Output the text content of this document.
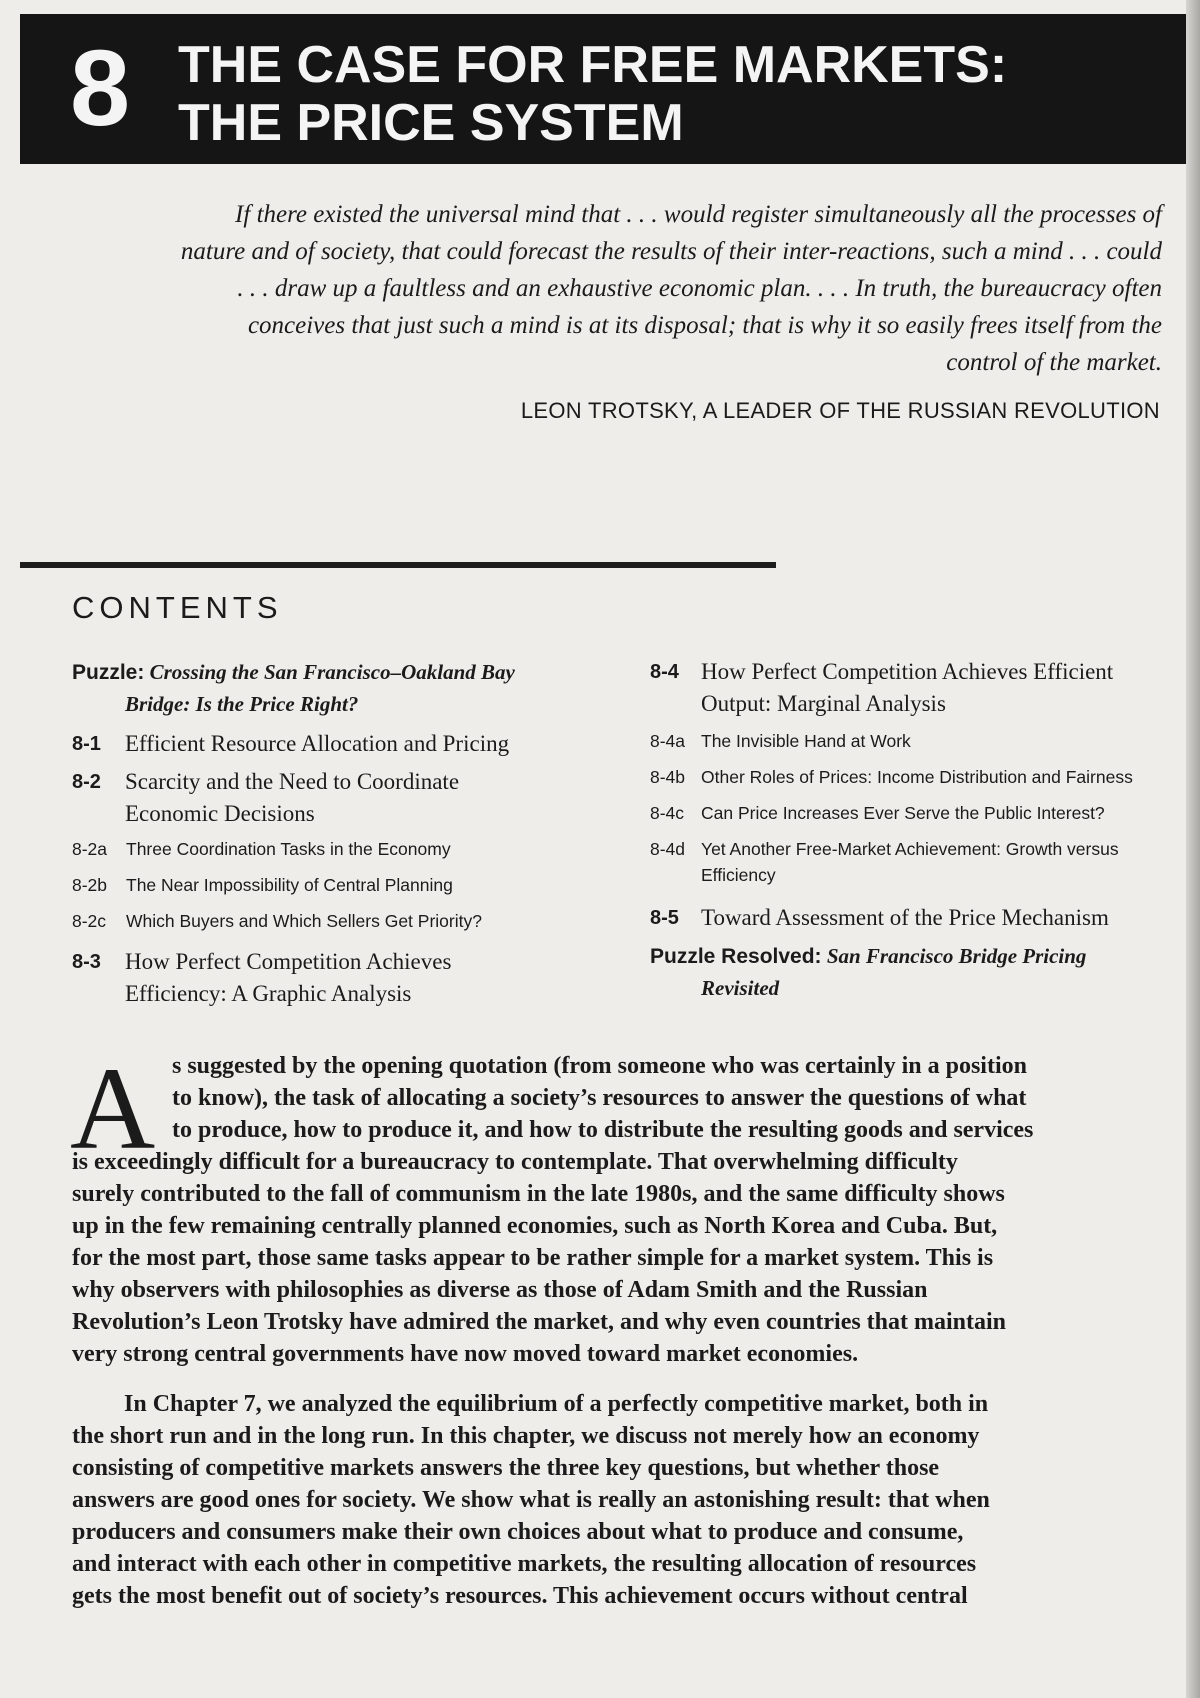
8 THE CASE FOR FREE MARKETS:
THE PRICE SYSTEM

If there existed the universal mind that . . . would register simultaneously all the processes of

nature and of society, that could forecast the results of their inter-reactions, such a mind . . . could

. . . draw up a faultless and an exhaustive economic plan. . . . In truth, the bureaucracy often

conceives that just such a mind is at its disposal; that is why it so easily frees itself from the

control of the market.

LEON TROTSKY, A LEADER OF THE RUSSIAN REVOLUTION
CONTENTS
Puzzle: Crossing the San Francisco–Oakland Bay
Bridge: Is the Price Right?
8-1 Efficient Resource Allocation and Pricing
8-2 Scarcity and the Need to Coordinate
Economic Decisions
8-2a Three Coordination Tasks in the Economy
8-2b The Near Impossibility of Central Planning
8-2c Which Buyers and Which Sellers Get Priority?
8-3 How Perfect Competition Achieves
Efficiency: A Graphic Analysis
8-4 How Perfect Competition Achieves Efficient
Output: Marginal Analysis
8-4a The Invisible Hand at Work
8-4b Other Roles of Prices: Income Distribution and Fairness
8-4c Can Price Increases Ever Serve the Public Interest?
8-4d Yet Another Free-Market Achievement: Growth versus
Efficiency
8-5 Toward Assessment of the Price Mechanism
Puzzle Resolved: San Francisco Bridge Pricing
Revisited
A s suggested by the opening quotation (from someone who was certainly in a position
to know), the task of allocating a society’s resources to answer the questions of what
to produce, how to produce it, and how to distribute the resulting goods and services
is exceedingly difficult for a bureaucracy to contemplate. That overwhelming difficulty
surely contributed to the fall of communism in the late 1980s, and the same difficulty shows
up in the few remaining centrally planned economies, such as North Korea and Cuba. But,
for the most part, those same tasks appear to be rather simple for a market system. This is
why observers with philosophies as diverse as those of Adam Smith and the Russian
Revolution’s Leon Trotsky have admired the market, and why even countries that maintain
very strong central governments have now moved toward market economies.
In Chapter 7, we analyzed the equilibrium of a perfectly competitive market, both in
the short run and in the long run. In this chapter, we discuss not merely how an economy
consisting of competitive markets answers the three key questions, but whether those
answers are good ones for society. We show what is really an astonishing result: that when
producers and consumers make their own choices about what to produce and consume,
and interact with each other in competitive markets, the resulting allocation of resources
gets the most benefit out of society’s resources. This achievement occurs without central
